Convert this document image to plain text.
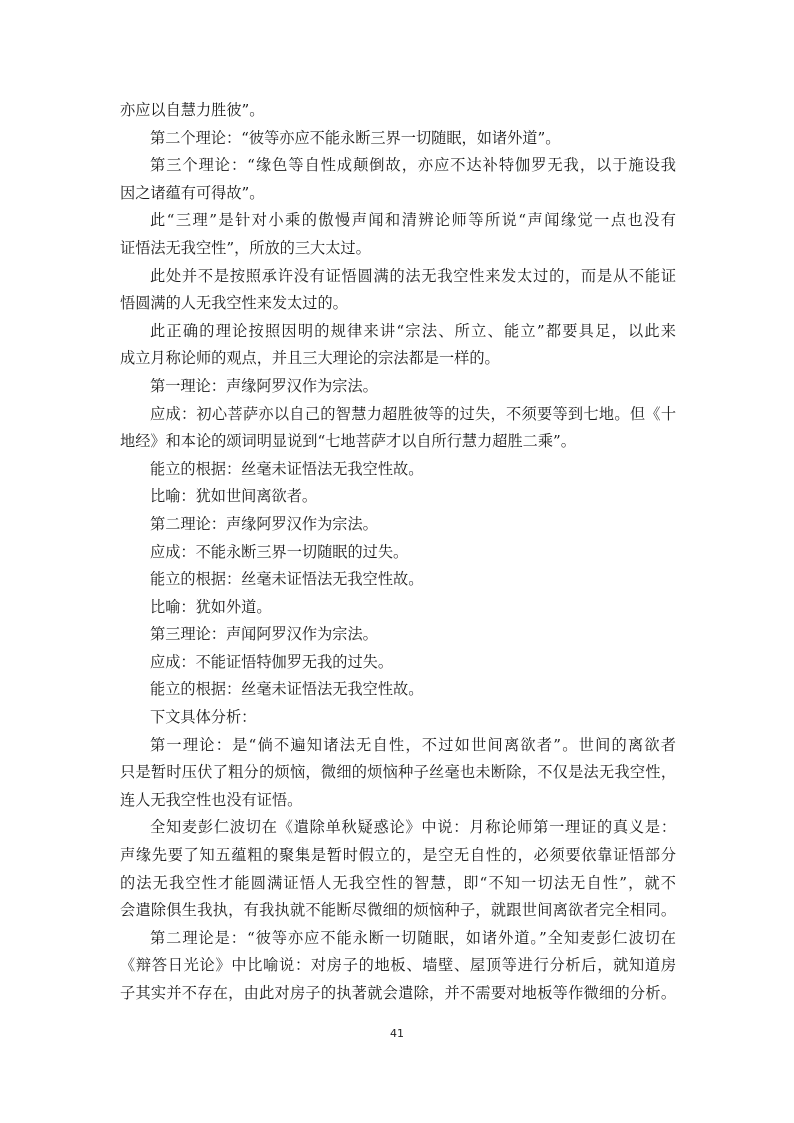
亦应以自慧力胜彼”。
第二个理论：“彼等亦应不能永断三界一切随眠，如诸外道”。
第三个理论：“缘色等自性成颠倒故，亦应不达补特伽罗无我，以于施设我
因之诸蕴有可得故”。
此“三理”是针对小乘的傲慢声闻和清辨论师等所说“声闻缘觉一点也没有
证悟法无我空性”，所放的三大太过。
此处并不是按照承许没有证悟圆满的法无我空性来发太过的，而是从不能证
悟圆满的人无我空性来发太过的。
此正确的理论按照因明的规律来讲“宗法、所立、能立”都要具足，以此来
成立月称论师的观点，并且三大理论的宗法都是一样的。
第一理论：声缘阿罗汉作为宗法。
应成：初心菩萨亦以自己的智慧力超胜彼等的过失，不须要等到七地。但《十
地经》和本论的颂词明显说到“七地菩萨才以自所行慧力超胜二乘”。
能立的根据：丝毫未证悟法无我空性故。
比喻：犹如世间离欲者。
第二理论：声缘阿罗汉作为宗法。
应成：不能永断三界一切随眠的过失。
能立的根据：丝毫未证悟法无我空性故。
比喻：犹如外道。
第三理论：声闻阿罗汉作为宗法。
应成：不能证悟特伽罗无我的过失。
能立的根据：丝毫未证悟法无我空性故。
下文具体分析：
第一理论：是“倘不遍知诸法无自性，不过如世间离欲者”。世间的离欲者
只是暂时压伏了粗分的烦恼，微细的烦恼种子丝毫也未断除，不仅是法无我空性，
连人无我空性也没有证悟。
全知麦彭仁波切在《遣除单秋疑惑论》中说：月称论师第一理证的真义是：
声缘先要了知五蕴粗的聚集是暂时假立的，是空无自性的，必须要依靠证悟部分
的法无我空性才能圆满证悟人无我空性的智慧，即“不知一切法无自性”，就不
会遣除俱生我执，有我执就不能断尽微细的烦恼种子，就跟世间离欲者完全相同。
第二理论是：“彼等亦应不能永断一切随眠，如诸外道。”全知麦彭仁波切在
《辩答日光论》中比喻说：对房子的地板、墙壁、屋顶等进行分析后，就知道房
子其实并不存在，由此对房子的执著就会遣除，并不需要对地板等作微细的分析。
41
